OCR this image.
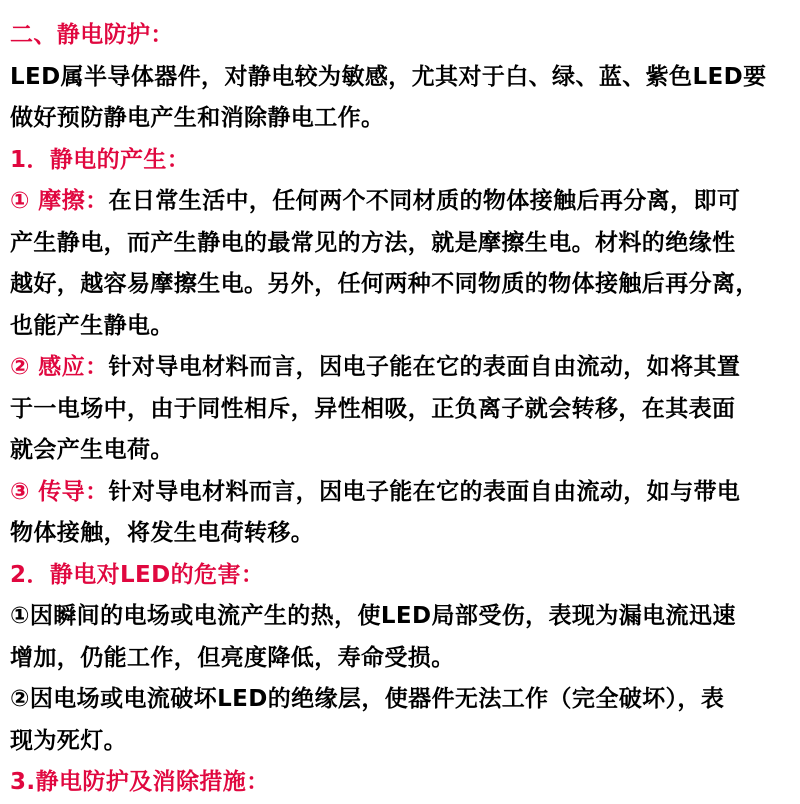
二、静电防护：
LED属半导体器件，对静电较为敏感，尤其对于白、绿、蓝、紫色LED要
做好预防静电产生和消除静电工作。
1．静电的产生：
① 摩擦：在日常生活中，任何两个不同材质的物体接触后再分离，即可
产生静电，而产生静电的最常见的方法，就是摩擦生电。材料的绝缘性
越好，越容易摩擦生电。另外，任何两种不同物质的物体接触后再分离，
也能产生静电。
② 感应：针对导电材料而言，因电子能在它的表面自由流动，如将其置
于一电场中，由于同性相斥，异性相吸，正负离子就会转移，在其表面
就会产生电荷。
③ 传导：针对导电材料而言，因电子能在它的表面自由流动，如与带电
物体接触，将发生电荷转移。
2．静电对LED的危害：
①因瞬间的电场或电流产生的热，使LED局部受伤，表现为漏电流迅速
增加，仍能工作，但亮度降低，寿命受损。
②因电场或电流破坏LED的绝缘层，使器件无法工作（完全破坏），表
现为死灯。
3.静电防护及消除措施：
